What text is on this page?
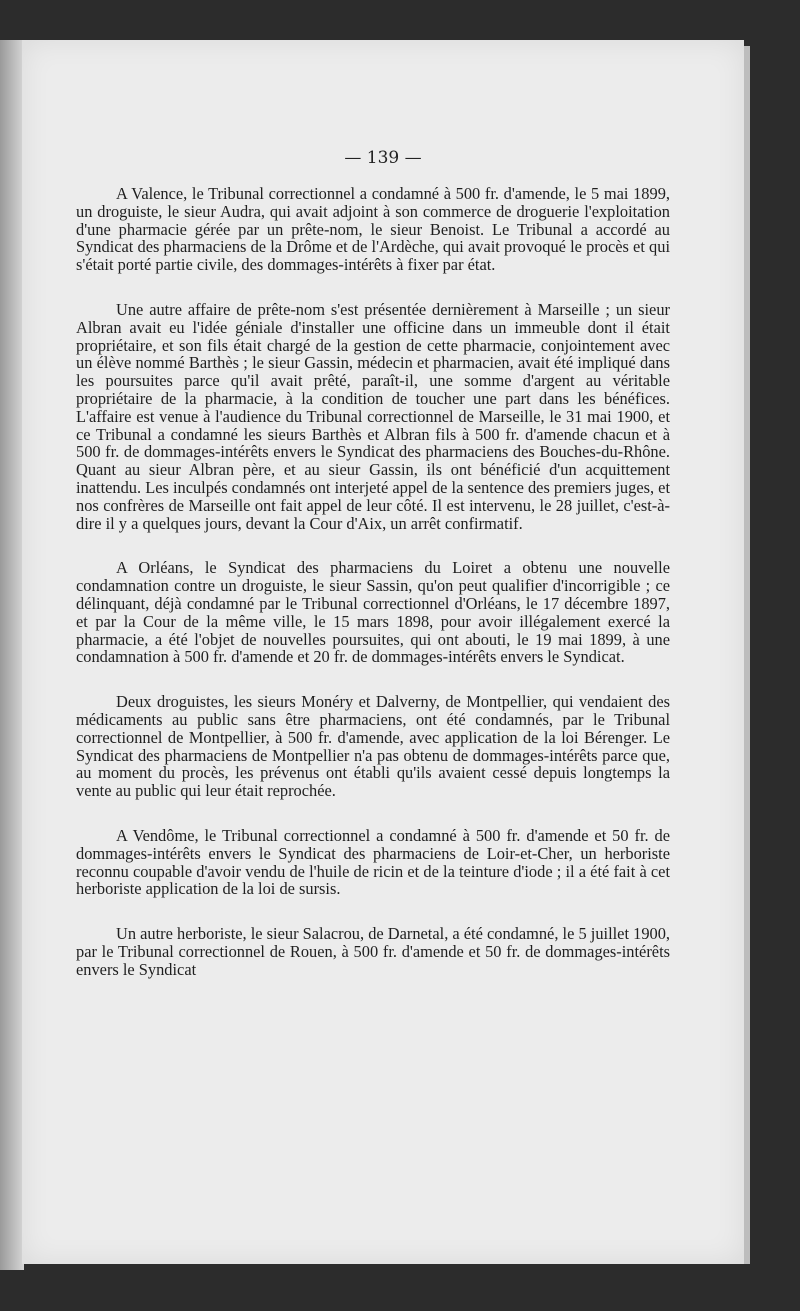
— 139 —

A Valence, le Tribunal correctionnel a condamné à 500 fr. d'amende, le 5 mai 1899, un droguiste, le sieur Audra, qui avait adjoint à son commerce de droguerie l'exploitation d'une pharmacie gérée par un prête-nom, le sieur Benoist. Le Tribunal a accordé au Syndicat des pharmaciens de la Drôme et de l'Ardèche, qui avait provoqué le procès et qui s'était porté partie civile, des dommages-intérêts à fixer par état.

Une autre affaire de prête-nom s'est présentée dernièrement à Marseille ; un sieur Albran avait eu l'idée géniale d'installer une officine dans un immeuble dont il était propriétaire, et son fils était chargé de la gestion de cette pharmacie, conjointement avec un élève nommé Barthès ; le sieur Gassin, médecin et pharmacien, avait été impliqué dans les poursuites parce qu'il avait prêté, paraît-il, une somme d'argent au véritable propriétaire de la pharmacie, à la condition de toucher une part dans les bénéfices. L'affaire est venue à l'audience du Tribunal correctionnel de Marseille, le 31 mai 1900, et ce Tribunal a condamné les sieurs Barthès et Albran fils à 500 fr. d'amende chacun et à 500 fr. de dommages-intérêts envers le Syndicat des pharmaciens des Bouches-du-Rhône. Quant au sieur Albran père, et au sieur Gassin, ils ont bénéficié d'un acquittement inattendu. Les inculpés condamnés ont interjeté appel de la sentence des premiers juges, et nos confrères de Marseille ont fait appel de leur côté. Il est intervenu, le 28 juillet, c'est-à-dire il y a quelques jours, devant la Cour d'Aix, un arrêt confirmatif.

A Orléans, le Syndicat des pharmaciens du Loiret a obtenu une nouvelle condamnation contre un droguiste, le sieur Sassin, qu'on peut qualifier d'incorrigible ; ce délinquant, déjà condamné par le Tribunal correctionnel d'Orléans, le 17 décembre 1897, et par la Cour de la même ville, le 15 mars 1898, pour avoir illégalement exercé la pharmacie, a été l'objet de nouvelles poursuites, qui ont abouti, le 19 mai 1899, à une condamnation à 500 fr. d'amende et 20 fr. de dommages-intérêts envers le Syndicat.

Deux droguistes, les sieurs Monéry et Dalverny, de Montpellier, qui vendaient des médicaments au public sans être pharmaciens, ont été condamnés, par le Tribunal correctionnel de Montpellier, à 500 fr. d'amende, avec application de la loi Bérenger. Le Syndicat des pharmaciens de Montpellier n'a pas obtenu de dommages-intérêts parce que, au moment du procès, les prévenus ont établi qu'ils avaient cessé depuis longtemps la vente au public qui leur était reprochée.

A Vendôme, le Tribunal correctionnel a condamné à 500 fr. d'amende et 50 fr. de dommages-intérêts envers le Syndicat des pharmaciens de Loir-et-Cher, un herboriste reconnu coupable d'avoir vendu de l'huile de ricin et de la teinture d'iode ; il a été fait à cet herboriste application de la loi de sursis.

Un autre herboriste, le sieur Salacrou, de Darnetal, a été condamné, le 5 juillet 1900, par le Tribunal correctionnel de Rouen, à 500 fr. d'amende et 50 fr. de dommages-intérêts envers le Syndicat
